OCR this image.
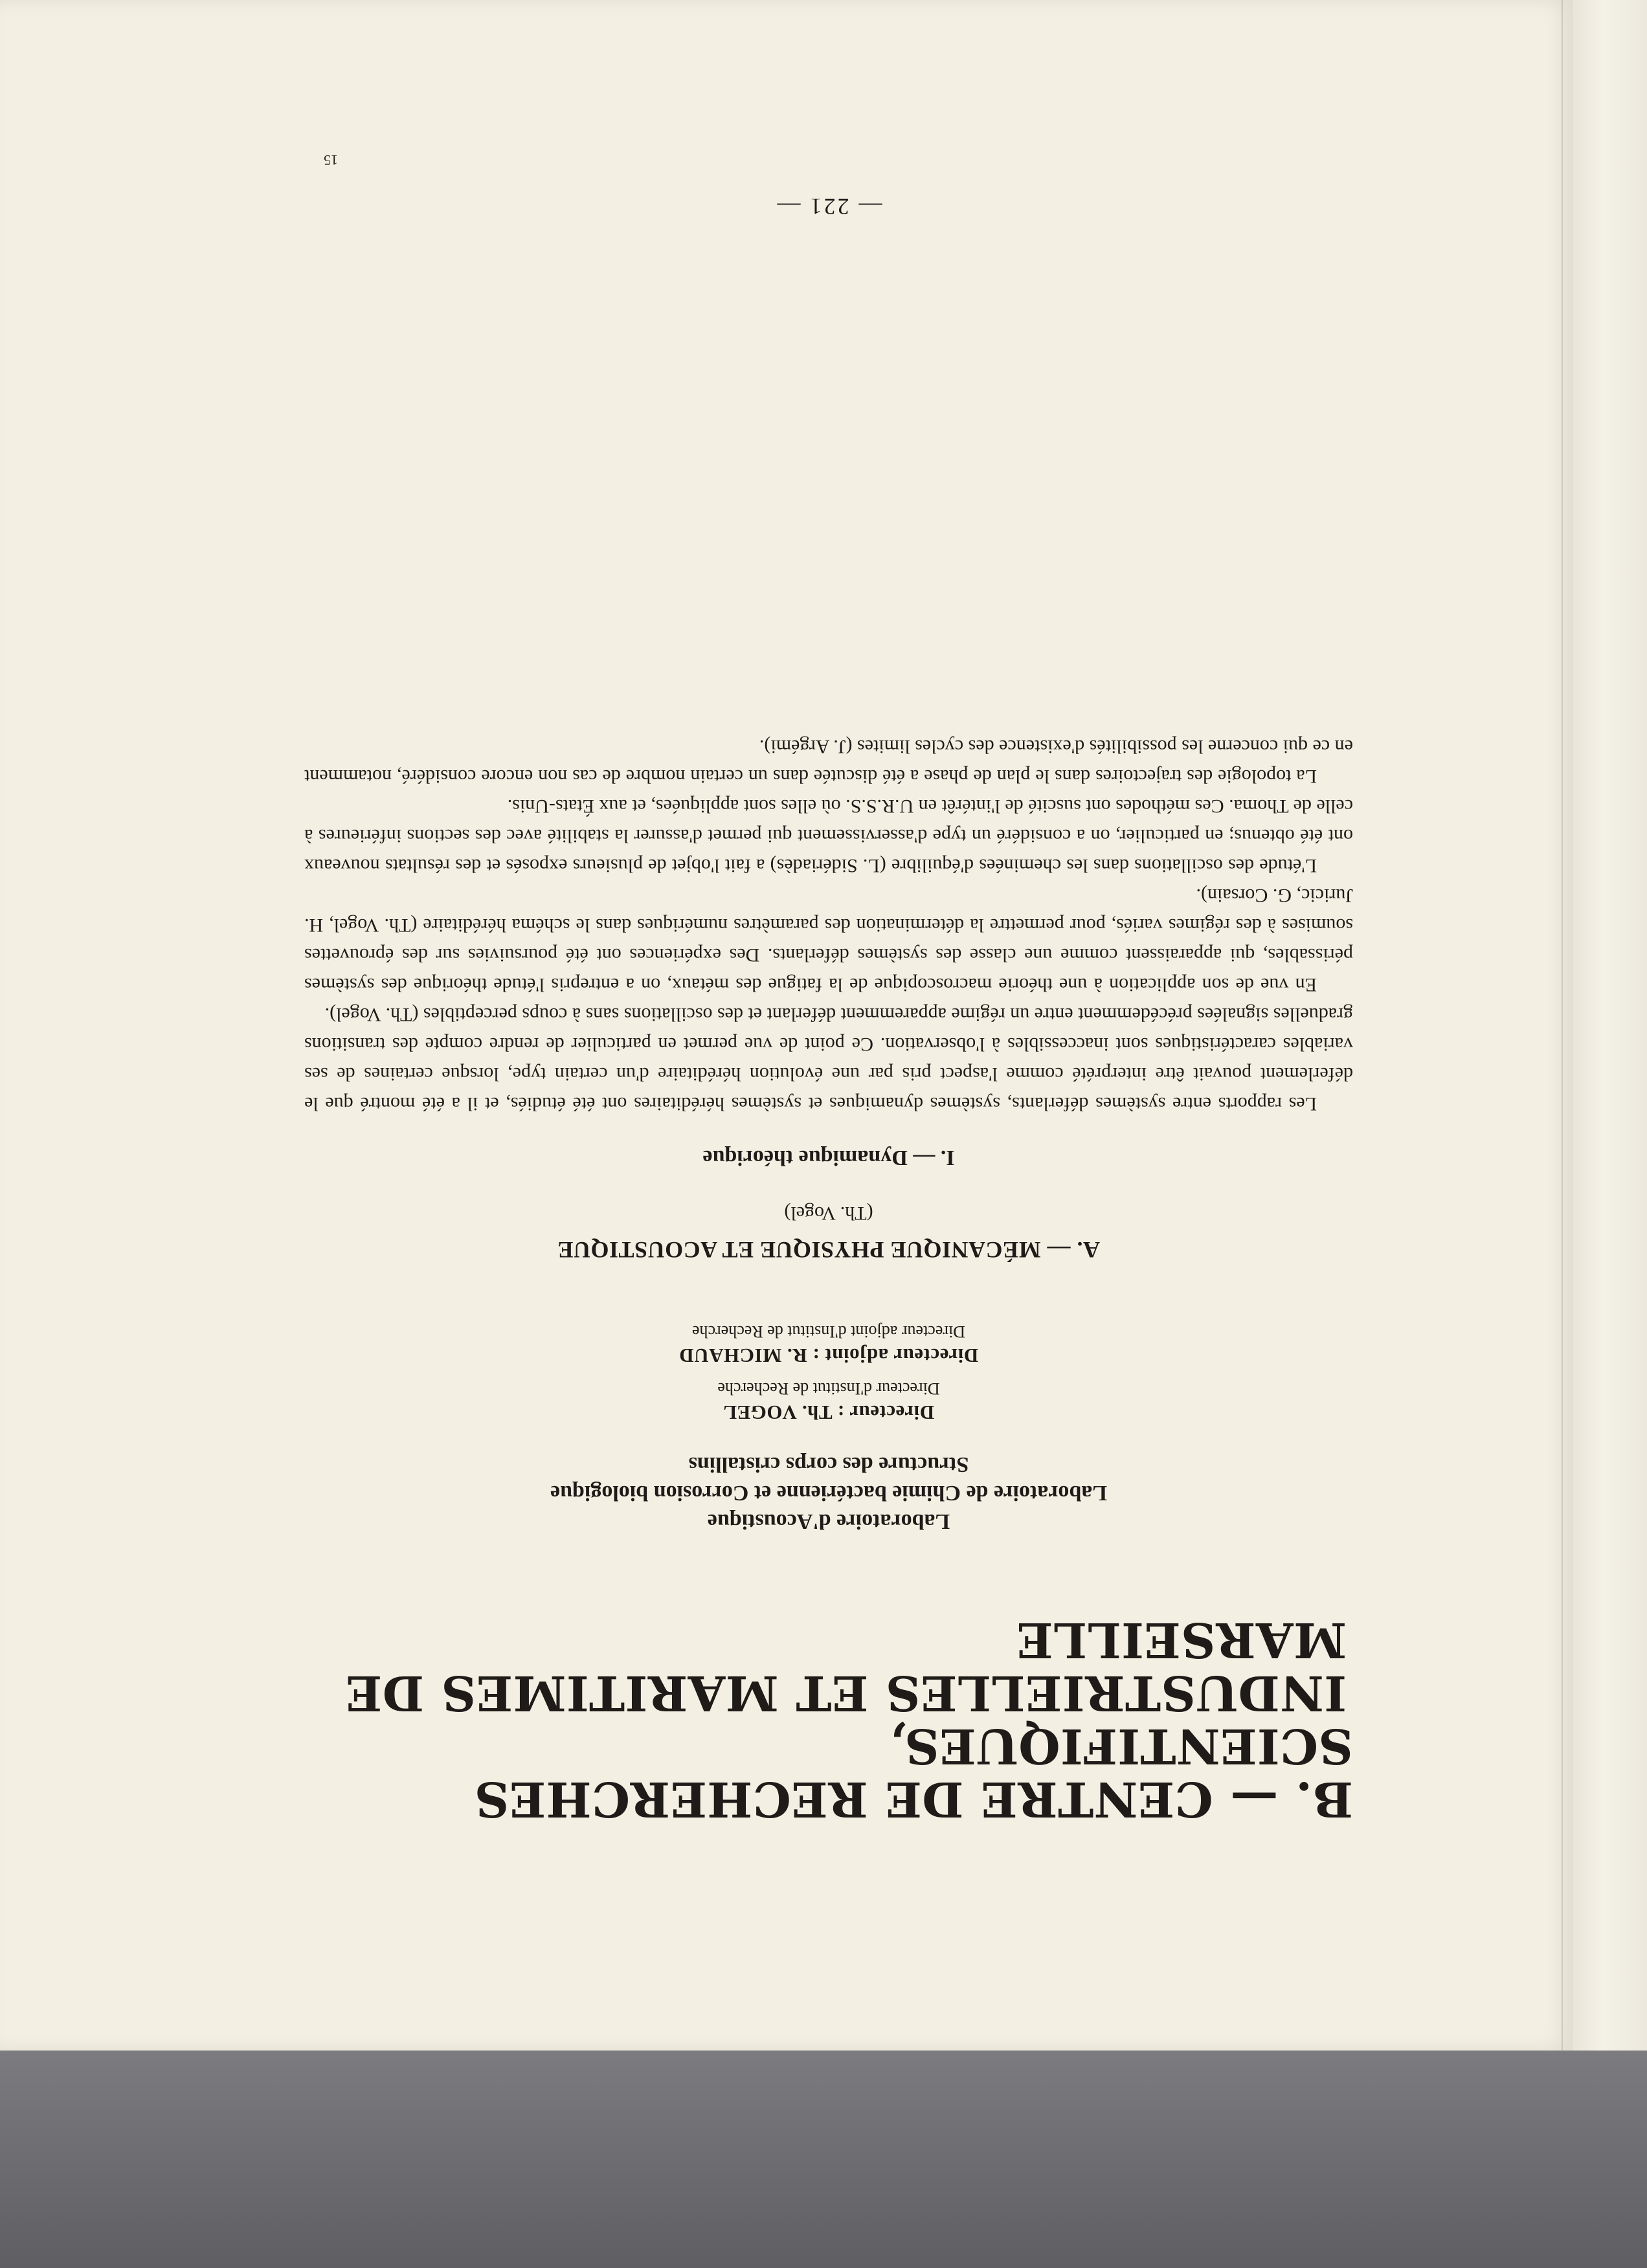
B. — CENTRE DE RECHERCHES SCIENTIFIQUES,
INDUSTRIELLES ET MARITIMES DE MARSEILLE
Laboratoire d'Acoustique
Laboratoire de Chimie bactérienne et Corrosion biologique
Structure des corps cristallins
Directeur : Th. VOGEL
Directeur d'Institut de Recherche
Directeur adjoint : R. MICHAUD
Directeur adjoint d'Institut de Recherche
A. — MÉCANIQUE PHYSIQUE ET ACOUSTIQUE
(Th. Vogel)
I. — Dynamique théorique

Les rapports entre systèmes déferlants, systèmes dynamiques et systèmes héréditaires ont été étudiés, et il a été montré que le déferlement pouvait être interprété comme l'aspect pris par une évolution héréditaire d'un certain type, lorsque certaines de ses variables caractéristiques sont inaccessibles à l'observation. Ce point de vue permet en particulier de rendre compte des transitions graduelles signalées précédemment entre un régime apparemment déferlant et des oscillations sans à coups perceptibles (Th. Vogel).

En vue de son application à une théorie macroscopique de la fatigue des métaux, on a entrepris l'étude théorique des systèmes périssables, qui apparaissent comme une classe des systèmes déferlants. Des expériences ont été poursuivies sur des éprouvettes soumises à des régimes variés, pour permettre la détermination des paramètres numériques dans le schéma héréditaire (Th. Vogel, H. Juricic, G. Corsain).

L'étude des oscillations dans les cheminées d'équilibre (L. Sidériadès) a fait l'objet de plusieurs exposés et des résultats nouveaux ont été obtenus; en particulier, on a considéré un type d'asservissement qui permet d'assurer la stabilité avec des sections inférieures à celle de Thoma. Ces méthodes ont suscité de l'intérêt en U.R.S.S. où elles sont appliquées, et aux États-Unis.

La topologie des trajectoires dans le plan de phase a été discutée dans un certain nombre de cas non encore considéré, notamment en ce qui concerne les possibilités d'existence des cycles limites (J. Argémi).

— 221 —
15
